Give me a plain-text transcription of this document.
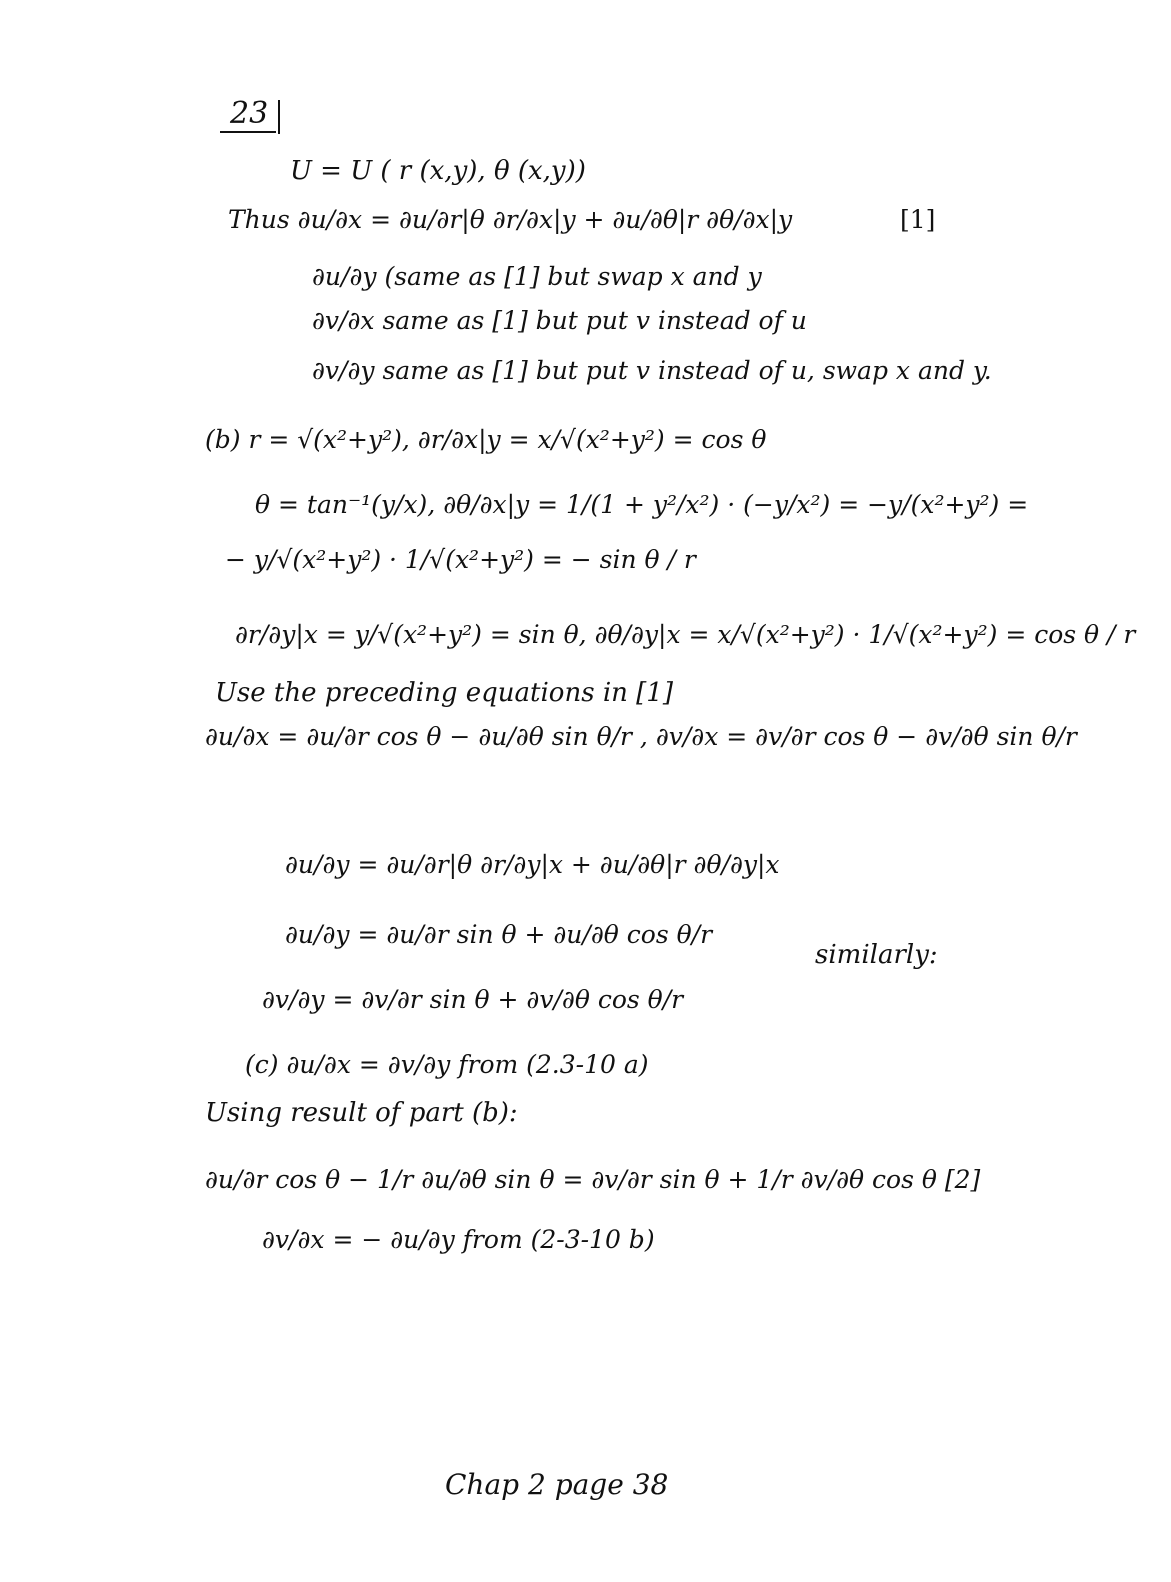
23
U = U ( r (x,y), θ (x,y))
Thus ∂u/∂x = ∂u/∂r|θ ∂r/∂x|y + ∂u/∂θ|r ∂θ/∂x|y	[1]
∂u/∂y (same as [1] but swap x and y
∂v/∂x same as [1] but put v instead of u
∂v/∂y same as [1] but put v instead of u, swap x and y.
(b) r = √(x²+y²), ∂r/∂x|y = x/√(x²+y²) = cos θ
θ = tan⁻¹(y/x), ∂θ/∂x|y = 1/(1 + y²/x²) · (−y/x²) = −y/(x²+y²) =
− y/√(x²+y²) · 1/√(x²+y²) = − sin θ / r
∂r/∂y|x = y/√(x²+y²) = sin θ, ∂θ/∂y|x = x/√(x²+y²) · 1/√(x²+y²) = cos θ / r
Use the preceding equations in [1]
∂u/∂x = ∂u/∂r cos θ − ∂u/∂θ sin θ/r , ∂v/∂x = ∂v/∂r cos θ − ∂v/∂θ sin θ/r
∂u/∂y = ∂u/∂r|θ ∂r/∂y|x + ∂u/∂θ|r ∂θ/∂y|x
∂u/∂y = ∂u/∂r sin θ + ∂u/∂θ cos θ/r
similarly:
∂v/∂y = ∂v/∂r sin θ + ∂v/∂θ cos θ/r
(c) ∂u/∂x = ∂v/∂y from (2.3-10 a)
Using result of part (b):
∂u/∂r cos θ − 1/r ∂u/∂θ sin θ = ∂v/∂r sin θ + 1/r ∂v/∂θ cos θ [2]
∂v/∂x = − ∂u/∂y from (2-3-10 b)
Chap 2 page 38
